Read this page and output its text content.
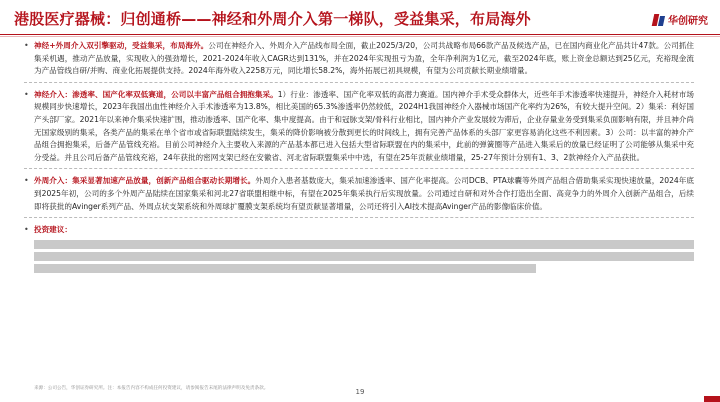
港股医疗器械：归创通桥——神经和外周介入第一梯队，受益集采，布局海外	华创研究
• 神经+外周介入双引擎驱动，受益集采，布局海外。公司在神经介入、外周介入产品线布局全面，截止2025/3/20，公司共战略布局66款产品及候选产品，已在国内商业化产品共计47款。公司抓住集采机遇，推动产品放量，实现收入的强劲增长，2021-2024年收入CAGR达到131%，并在2024年实现扭亏为盈，全年净利润为1亿元，截至2024年底，账上资金总额达到25亿元，充裕现金流为产品管线自研/并购、商业化拓展提供支持。2024年海外收入2258万元，同比增长58.2%，海外拓展已初具规模，有望为公司贡献长期业绩增量。
• 神经介入：渗透率、国产化率双低赛道，公司以丰富产品组合拥抱集采。1）行业：渗透率、国产化率双低的高潜力赛道。国内神介手术受众群体大，近些年手术渗透率快速提升，神经介入耗材市场规模同步快速增长，2023年我国出血性神经介入手术渗透率为13.8%，相比美国的65.3%渗透率仍然较低，2024H1我国神经介入器械市场国产化率约为26%，有较大提升空间。2）集采：利好国产头部厂家。2021年以来神介集采快速扩围，推动渗透率、国产化率、集中度提高。由于和冠脉支架/骨科行业相比，国内神介产业发展较为滞后，企业存量业务受到集采负面影响有限，并且神介尚无国家级别的集采，各类产品的集采在单个省市或省际联盟陆续发生，集采的降价影响被分散到更长的时间线上，拥有完善产品体系的头部厂家更容易消化这些不利因素。3）公司：以丰富的神介产品组合拥抱集采，后备产品管线充裕。目前公司神经介入主要收入来源的产品基本都已进入包括大型省际联盟在内的集采中，此前的弹簧圈等产品进入集采后的放量已经证明了公司能够从集采中充分受益。并且公司后备产品管线充裕，24年获批的密网支架已经在安徽省、河北省际联盟集采中中选，有望在25年贡献业绩增量，25-27年预计分别有1、3、2款神经介入产品获批。
• 外周介入：集采显著加速产品放量，创新产品组合驱动长期增长。外周介入患者基数庞大，集采加速渗透率、国产化率提高。公司DCB、PTA球囊等外周产品组合借助集采实现快速放量，2024年底到2025年初，公司的多个外周产品陆续在国家集采和河北27省联盟相继中标，有望在2025年集采执行后实现放量。公司通过自研和对外合作打造出全面、高竞争力的外周介入创新产品组合，后续即将获批的Avinger系列产品、外周点状支架系统和外周球扩覆膜支架系统均有望贡献显著增量，公司还将引入AI技术提高Avinger产品的影像临床价值。
• 投资建议：
来源：公司公告，华创证券研究所。注：本报告内容不构成任何投资建议，请参阅报告末尾的法律声明及免责条款。	19
